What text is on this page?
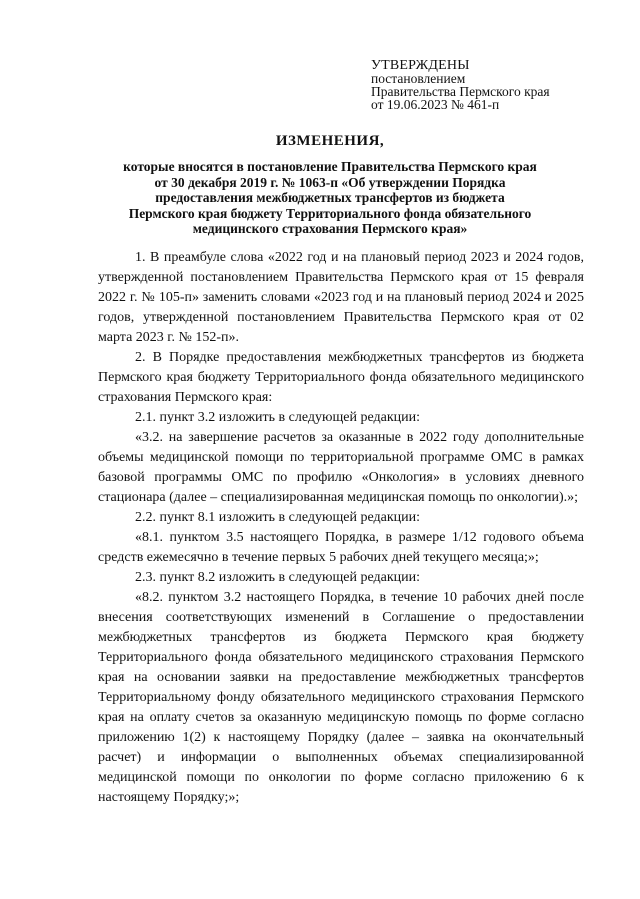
УТВЕРЖДЕНЫ
постановлением
Правительства Пермского края
от 19.06.2023 № 461-п
ИЗМЕНЕНИЯ,
которые вносятся в постановление Правительства Пермского края
от 30 декабря 2019 г. № 1063-п «Об утверждении Порядка
предоставления межбюджетных трансфертов из бюджета
Пермского края бюджету Территориального фонда обязательного
медицинского страхования Пермского края»

1. В преамбуле слова «2022 год и на плановый период 2023 и 2024 годов, утвержденной постановлением Правительства Пермского края от 15 февраля 2022 г. № 105-п» заменить словами «2023 год и на плановый период 2024 и 2025 годов, утвержденной постановлением Правительства Пермского края от 02 марта 2023 г. № 152-п».

2. В Порядке предоставления межбюджетных трансфертов из бюджета Пермского края бюджету Территориального фонда обязательного медицинского страхования Пермского края:

2.1. пункт 3.2 изложить в следующей редакции:

«3.2. на завершение расчетов за оказанные в 2022 году дополнительные объемы медицинской помощи по территориальной программе ОМС в рамках базовой программы ОМС по профилю «Онкология» в условиях дневного стационара (далее – специализированная медицинская помощь по онкологии).»;

2.2. пункт 8.1 изложить в следующей редакции:

«8.1. пунктом 3.5 настоящего Порядка, в размере 1/12 годового объема средств ежемесячно в течение первых 5 рабочих дней текущего месяца;»;

2.3. пункт 8.2 изложить в следующей редакции:

«8.2. пунктом 3.2 настоящего Порядка, в течение 10 рабочих дней после внесения соответствующих изменений в Соглашение о предоставлении межбюджетных трансфертов из бюджета Пермского края бюджету Территориального фонда обязательного медицинского страхования Пермского края на основании заявки на предоставление межбюджетных трансфертов Территориальному фонду обязательного медицинского страхования Пермского края на оплату счетов за оказанную медицинскую помощь по форме согласно приложению 1(2) к настоящему Порядку (далее – заявка на окончательный расчет) и информации о выполненных объемах специализированной медицинской помощи по онкологии по форме согласно приложению 6 к настоящему Порядку;»;
